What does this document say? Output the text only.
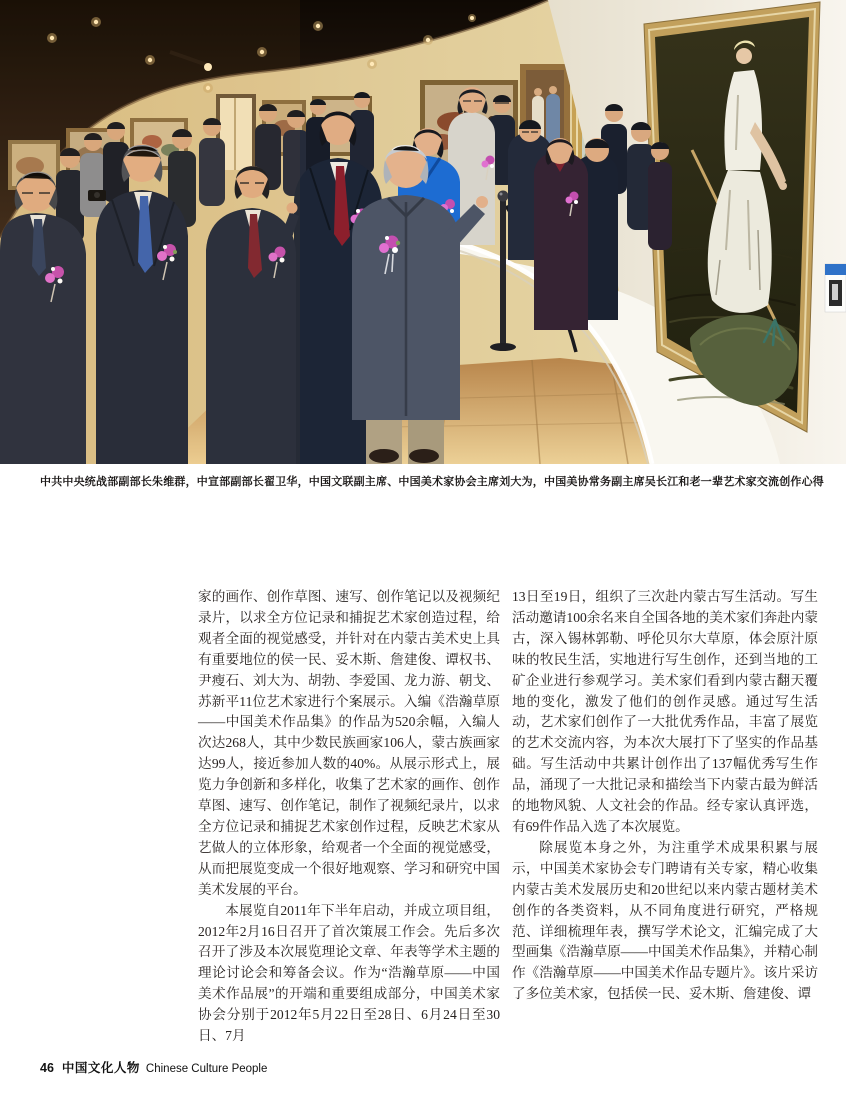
中共中央统战部副部长朱维群，中宣部副部长翟卫华，中国文联副主席、中国美术家协会主席刘大为，中国美协常务副主席吴长江和老一辈艺术家交流创作心得

家的画作、创作草图、速写、创作笔记以及视频纪录片，以求全方位记录和捕捉艺术家创造过程，给观者全面的视觉感受，并针对在内蒙古美术史上具有重要地位的侯一民、妥木斯、詹建俊、谭权书、尹瘦石、刘大为、胡勃、李爱国、龙力游、朝戈、苏新平11位艺术家进行个案展示。入编《浩瀚草原——中国美术作品集》的作品为520余幅，入编人次达268人，其中少数民族画家106人，蒙古族画家达99人，接近参加人数的40%。从展示形式上，展览力争创新和多样化，收集了艺术家的画作、创作草图、速写、创作笔记，制作了视频纪录片，以求全方位记录和捕捉艺术家创作过程，反映艺术家从艺做人的立体形象，给观者一个全面的视觉感受，从而把展览变成一个很好地观察、学习和研究中国美术发展的平台。

本展览自2011年下半年启动，并成立项目组，2012年2月16日召开了首次策展工作会。先后多次召开了涉及本次展览理论文章、年表等学术主题的理论讨论会和筹备会议。作为“浩瀚草原——中国美术作品展”的开端和重要组成部分，中国美术家协会分别于2012年5月22日至28日、6月24日至30日、7月

13日至19日，组织了三次赴内蒙古写生活动。写生活动邀请100余名来自全国各地的美术家们奔赴内蒙古，深入锡林郭勒、呼伦贝尔大草原，体会原汁原味的牧民生活，实地进行写生创作，还到当地的工矿企业进行参观学习。美术家们看到内蒙古翻天覆地的变化，激发了他们的创作灵感。通过写生活动，艺术家们创作了一大批优秀作品，丰富了展览的艺术交流内容，为本次大展打下了坚实的作品基础。写生活动中共累计创作出了137幅优秀写生作品，涌现了一大批记录和描绘当下内蒙古最为鲜活的地物风貌、人文社会的作品。经专家认真评选，有69件作品入选了本次展览。

除展览本身之外，为注重学术成果积累与展示，中国美术家协会专门聘请有关专家，精心收集内蒙古美术发展历史和20世纪以来内蒙古题材美术创作的各类资料，从不同角度进行研究，严格规范、详细梳理年表，撰写学术论文，汇编完成了大型画集《浩瀚草原——中国美术作品集》，并精心制作《浩瀚草原——中国美术作品专题片》。该片采访了多位美术家，包括侯一民、妥木斯、詹建俊、谭

46 中国文化人物 Chinese Culture People
